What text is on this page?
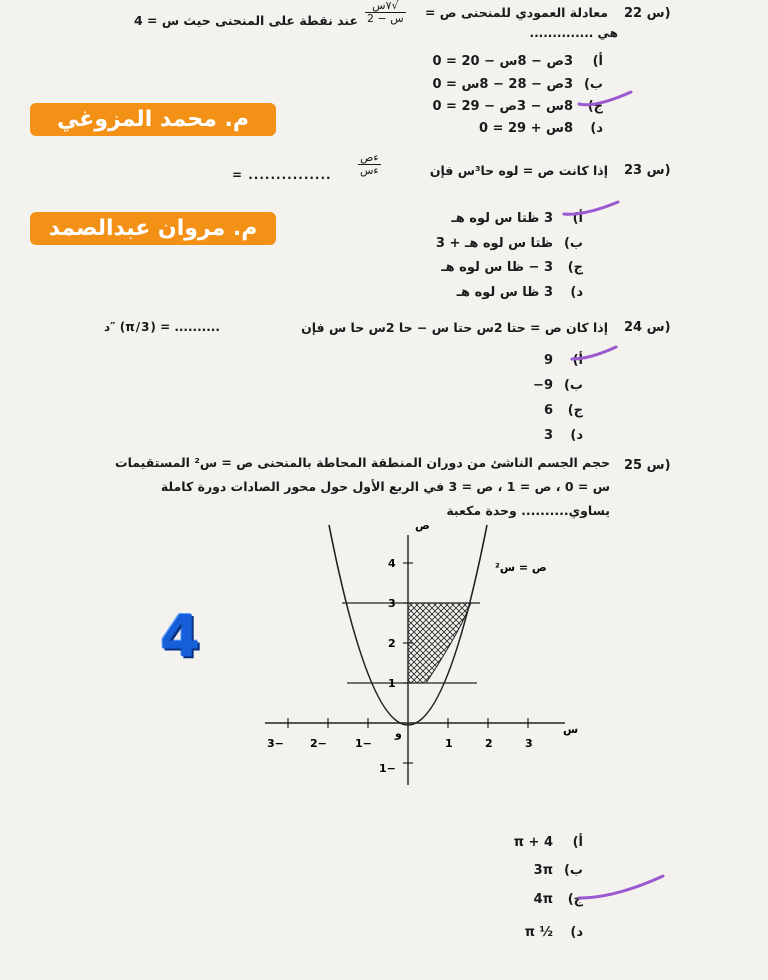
س 22)
معادلة العمودي للمنحنى ص =
$\frac{\text{٧س√}}{\text{س − 2}}$
عند نقطة على المنحنى حيث س = 4
هي ..............
أ)3ص − 8س − 20 = 0
ب)3ص − 28 − 8س = 0
ج)8س − 3ص − 29 = 0
د)8س + 29 = 0
م. محمد المزوغي
م. مروان عبدالصمد
س 23)
إذا كانت ص = لوه حا³س فإن
$\frac{\text{ءص}}{\text{ءس}}$
= ...............
أ)3 ظتا س لوه هـ
ب)ظتا س لوه هـ + 3
ج)3 − ظا س لوه هـ
د)3 ظا س لوه هـ
س 24)
إذا كان ص = حتا 2س حتا س − حا 2س حا س فإن
د″ (π/3) = ..........
أ)9
ب)9−
ج)6
د)3
س 25)
حجم الجسم الناشئ من دوران المنطقة المحاطة بالمنحنى ص = س² المستقيمات
س = 0 ، ص = 1 ، ص = 3 في الربع الأول حول محور الصادات دورة كاملة
يساوي.......... وحدة مكعبة
ص
س
و
ص = س²
3− 2−	1−	1	2	3
4
3
2
1
1−
4
أ)4 + π
ب)3π
ج)4π
د)½ π
